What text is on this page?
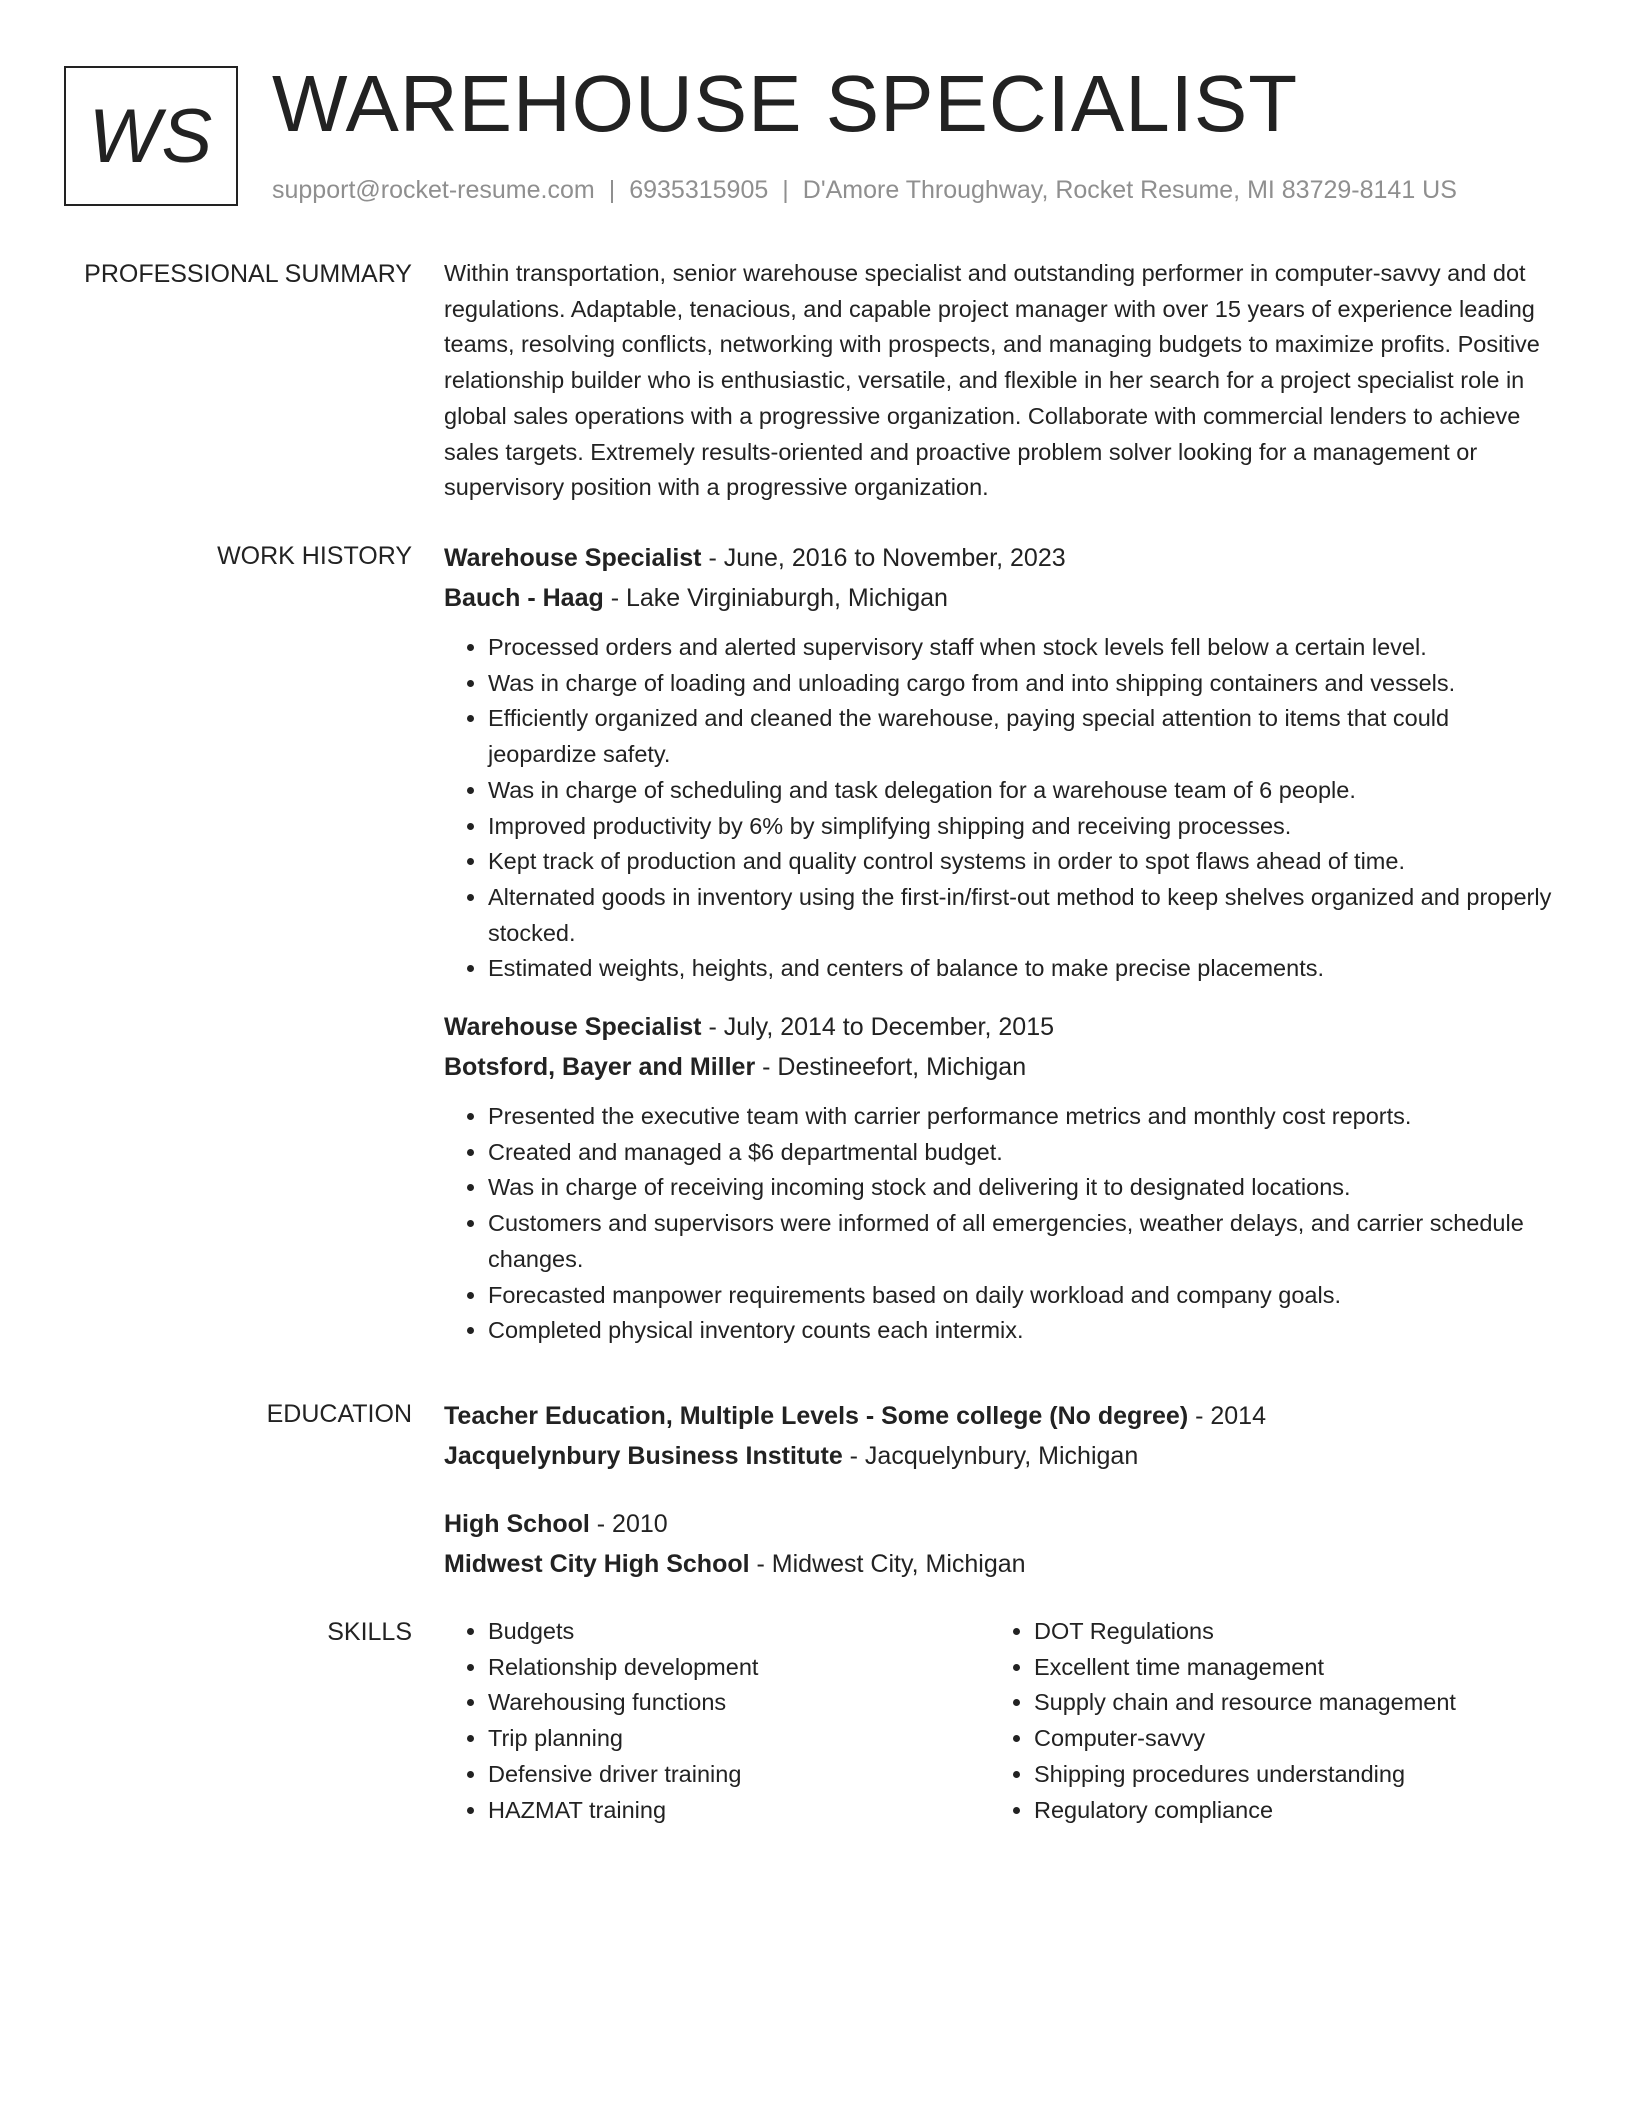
WS WAREHOUSE SPECIALIST
support@rocket-resume.com | 6935315905 | D'Amore Throughway, Rocket Resume, MI 83729-8141 US
PROFESSIONAL SUMMARY Within transportation, senior warehouse specialist and outstanding performer in computer-savvy and dot regulations. Adaptable, tenacious, and capable project manager with over 15 years of experience leading teams, resolving conflicts, networking with prospects, and managing budgets to maximize profits. Positive relationship builder who is enthusiastic, versatile, and flexible in her search for a project specialist role in global sales operations with a progressive organization. Collaborate with commercial lenders to achieve sales targets. Extremely results-oriented and proactive problem solver looking for a management or supervisory position with a progressive organization.

WORK HISTORY Warehouse Specialist - June, 2016 to November, 2023

Bauch - Haag - Lake Virginiaburgh, Michigan

• Processed orders and alerted supervisory staff when stock levels fell below a certain level.
• Was in charge of loading and unloading cargo from and into shipping containers and vessels.
• Efficiently organized and cleaned the warehouse, paying special attention to items that could jeopardize safety.
• Was in charge of scheduling and task delegation for a warehouse team of 6 people.
• Improved productivity by 6% by simplifying shipping and receiving processes.
• Kept track of production and quality control systems in order to spot flaws ahead of time.
• Alternated goods in inventory using the first-in/first-out method to keep shelves organized and properly stocked.
• Estimated weights, heights, and centers of balance to make precise placements.

Warehouse Specialist - July, 2014 to December, 2015

Botsford, Bayer and Miller - Destineefort, Michigan

• Presented the executive team with carrier performance metrics and monthly cost reports.
• Created and managed a $6 departmental budget.
• Was in charge of receiving incoming stock and delivering it to designated locations.
• Customers and supervisors were informed of all emergencies, weather delays, and carrier schedule changes.
• Forecasted manpower requirements based on daily workload and company goals.
• Completed physical inventory counts each intermix.
EDUCATION Teacher Education, Multiple Levels - Some college (No degree) - 2014

Jacquelynbury Business Institute - Jacquelynbury, Michigan

High School - 2010

Midwest City High School - Midwest City, Michigan

SKILLS
•	Budgets
• Relationship development
• Warehousing functions
• Trip planning
• Defensive driver training
• HAZMAT training
• DOT Regulations
• Excellent time management
• Supply chain and resource management
• Computer-savvy
• Shipping procedures understanding
• Regulatory compliance
